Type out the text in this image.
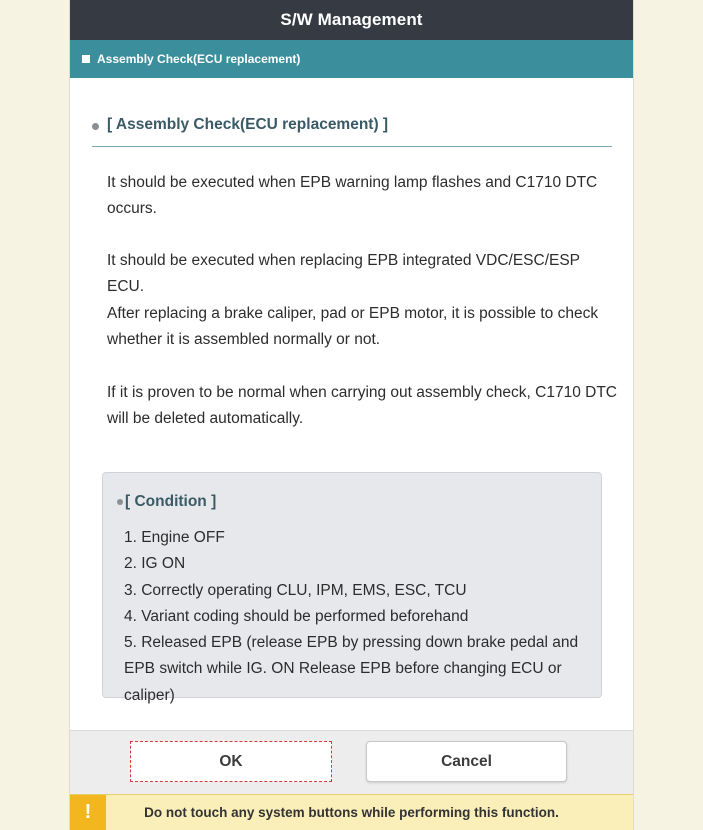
S/W Management
Assembly Check(ECU replacement)
[ Assembly Check(ECU replacement) ]
It should be executed when EPB warning lamp flashes and C1710 DTC occurs.
It should be executed when replacing EPB integrated VDC/ESC/ESP ECU.
After replacing a brake caliper, pad or EPB motor, it is possible to check whether it is assembled normally or not.
If it is proven to be normal when carrying out assembly check, C1710 DTC will be deleted automatically.
[ Condition ]
1. Engine OFF
2. IG ON
3. Correctly operating CLU, IPM, EMS, ESC, TCU
4. Variant coding should be performed beforehand
5. Released EPB (release EPB by pressing down brake pedal and EPB switch while IG. ON Release EPB before changing ECU or caliper)
OK	Cancel
!	Do not touch any system buttons while performing this function.
